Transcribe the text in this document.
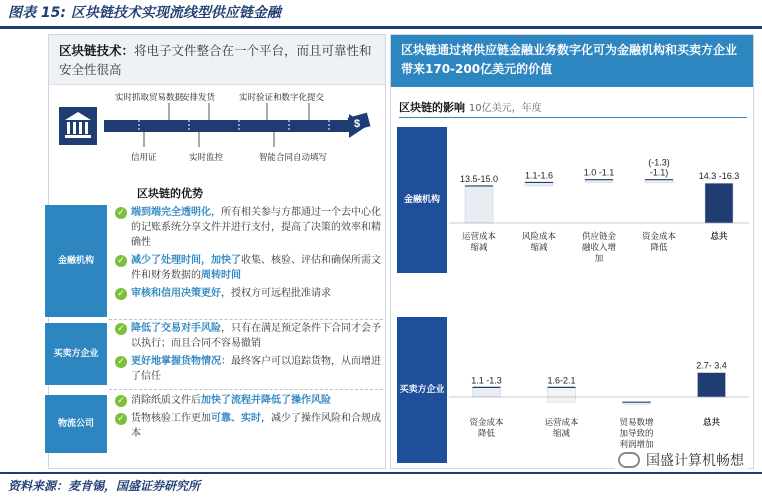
图表 15: 区块链技术实现流线型供应链金融
区块链技术：将电子文件整合在一个平台，而且可靠性和安全性很高
$
实时抓取贸易数据
安排发货	实时验证和数字化提交
信用证	实时监控	智能合同自动填写
区块链的优势
金融机构
✓ 端到端完全透明化，所有相关参与方都通过一个去中心化的记账系统分享文件并进行支付，提高了决策的效率和精确性
✓ 减少了处理时间，加快了收集、核验、评估和确保所需文件和财务数据的周转时间
✓ 审核和信用决策更好，授权方可远程批准请求
买卖方企业
✓ 降低了交易对手风险，只有在满足预定条件下合同才会予以执行；而且合同不容易撤销
✓ 更好地掌握货物情况：最终客户可以追踪货物，从而增进了信任
物流公司
✓ 消除纸质文件后加快了流程并降低了操作风险
✓ 货物核验工作更加可靠、实时，减少了操作风险和合规成本
区块链通过将供应链金融业务数字化可为金融机构和买卖方企业带来170-200亿美元的价值
区块链的影响 10亿美元，年度
金融机构
13.5-15.0
运营成本
缩减
1.1-1.6
风险成本
缩减
1.0 -1.1
供应链金
融收入增
加
(-1.3)
-1.1)
资金成本
降低
14.3 -16.3
总共
买卖方企业
1.1 -1.3
资金成本
降低
1.6-2.1
运营成本
缩减
贸易数增
加导致的
利润增加
2.7- 3.4
总共
国盛计算机畅想
资料来源：麦肯锡，国盛证券研究所
